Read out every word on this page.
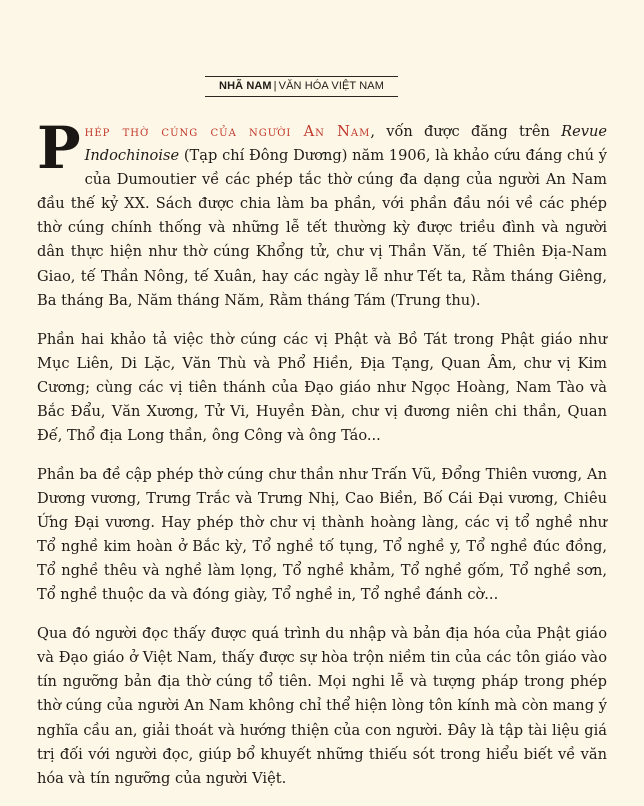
NHÃ NAM | VĂN HÓA VIỆT NAM

Phép thờ cúng của người An Nam, vốn được đăng trên Revue Indochinoise (Tạp chí Đông Dương) năm 1906, là khảo cứu đáng chú ý của Dumoutier về các phép tắc thờ cúng đa dạng của người An Nam đầu thế kỷ XX. Sách được chia làm ba phần, với phần đầu nói về các phép thờ cúng chính thống và những lễ tết thường kỳ được triều đình và người dân thực hiện như thờ cúng Khổng tử, chư vị Thần Văn, tế Thiên Địa-Nam Giao, tế Thần Nông, tế Xuân, hay các ngày lễ như Tết ta, Rằm tháng Giêng, Ba tháng Ba, Năm tháng Năm, Rằm tháng Tám (Trung thu).

Phần hai khảo tả việc thờ cúng các vị Phật và Bồ Tát trong Phật giáo như Mục Liên, Di Lặc, Văn Thù và Phổ Hiền, Địa Tạng, Quan Âm, chư vị Kim Cương; cùng các vị tiên thánh của Đạo giáo như Ngọc Hoàng, Nam Tào và Bắc Đẩu, Văn Xương, Tử Vi, Huyền Đàn, chư vị đương niên chi thần, Quan Đế, Thổ địa Long thần, ông Công và ông Táo...

Phần ba đề cập phép thờ cúng chư thần như Trấn Vũ, Đổng Thiên vương, An Dương vương, Trưng Trắc và Trưng Nhị, Cao Biền, Bố Cái Đại vương, Chiêu Ứng Đại vương. Hay phép thờ chư vị thành hoàng làng, các vị tổ nghề như Tổ nghề kim hoàn ở Bắc kỳ, Tổ nghề tố tụng, Tổ nghề y, Tổ nghề đúc đồng, Tổ nghề thêu và nghề làm lọng, Tổ nghề khảm, Tổ nghề gốm, Tổ nghề sơn, Tổ nghề thuộc da và đóng giày, Tổ nghề in, Tổ nghề đánh cờ...

Qua đó người đọc thấy được quá trình du nhập và bản địa hóa của Phật giáo và Đạo giáo ở Việt Nam, thấy được sự hòa trộn niềm tin của các tôn giáo vào tín ngưỡng bản địa thờ cúng tổ tiên. Mọi nghi lễ và tượng pháp trong phép thờ cúng của người An Nam không chỉ thể hiện lòng tôn kính mà còn mang ý nghĩa cầu an, giải thoát và hướng thiện của con người. Đây là tập tài liệu giá trị đối với người đọc, giúp bổ khuyết những thiếu sót trong hiểu biết về văn hóa và tín ngưỡng của người Việt.
